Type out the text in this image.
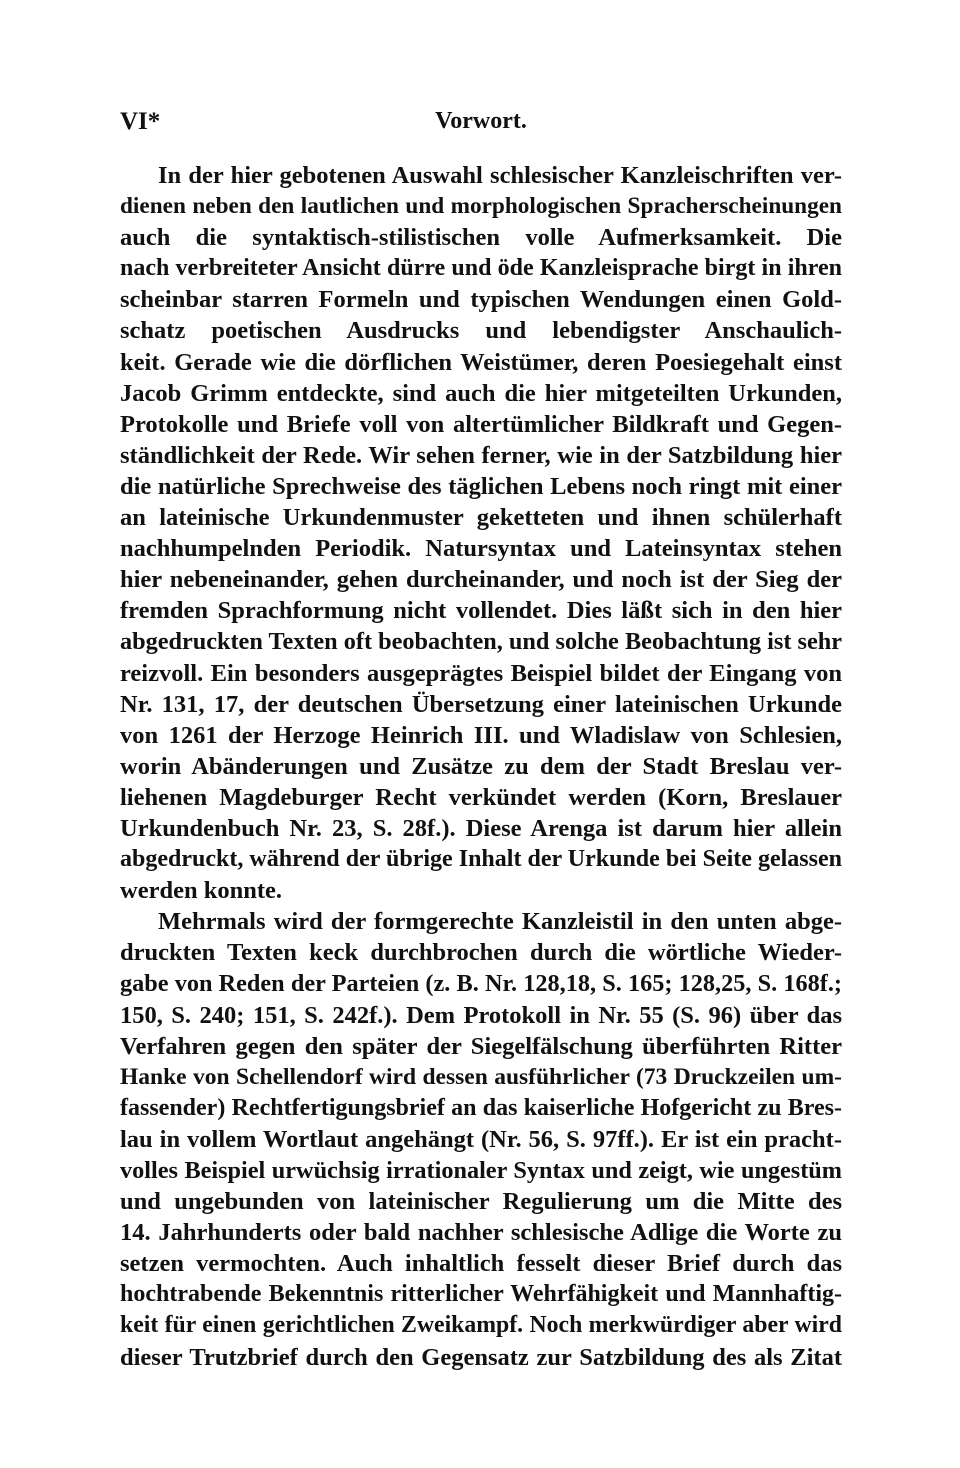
VI*	Vorwort.
In der hier gebotenen Auswahl schlesischer Kanzleischriften ver-
dienen neben den lautlichen und morphologischen Spracherscheinungen
auch die syntaktisch-stilistischen volle Aufmerksamkeit. Die
nach verbreiteter Ansicht dürre und öde Kanzleisprache birgt in ihren
scheinbar starren Formeln und typischen Wendungen einen Gold-
schatz poetischen Ausdrucks und lebendigster Anschaulich-
keit. Gerade wie die dörflichen Weistümer, deren Poesiegehalt einst
Jacob Grimm entdeckte, sind auch die hier mitgeteilten Urkunden,
Protokolle und Briefe voll von altertümlicher Bildkraft und Gegen-
ständlichkeit der Rede. Wir sehen ferner, wie in der Satzbildung hier
die natürliche Sprechweise des täglichen Lebens noch ringt mit einer
an lateinische Urkundenmuster geketteten und ihnen schülerhaft
nachhumpelnden Periodik. Natursyntax und Lateinsyntax stehen
hier nebeneinander, gehen durcheinander, und noch ist der Sieg der
fremden Sprachformung nicht vollendet. Dies läßt sich in den hier
abgedruckten Texten oft beobachten, und solche Beobachtung ist sehr
reizvoll. Ein besonders ausgeprägtes Beispiel bildet der Eingang von
Nr. 131, 17, der deutschen Übersetzung einer lateinischen Urkunde
von 1261 der Herzoge Heinrich III. und Wladislaw von Schlesien,
worin Abänderungen und Zusätze zu dem der Stadt Breslau ver-
liehenen Magdeburger Recht verkündet werden (Korn, Breslauer
Urkundenbuch Nr. 23, S. 28f.). Diese Arenga ist darum hier allein
abgedruckt, während der übrige Inhalt der Urkunde bei Seite gelassen
werden konnte.
Mehrmals wird der formgerechte Kanzleistil in den unten abge-
druckten Texten keck durchbrochen durch die wörtliche Wieder-
gabe von Reden der Parteien (z. B. Nr. 128,18, S. 165; 128,25, S. 168f.;
150, S. 240; 151, S. 242f.). Dem Protokoll in Nr. 55 (S. 96) über das
Verfahren gegen den später der Siegelfälschung überführten Ritter
Hanke von Schellendorf wird dessen ausführlicher (73 Druckzeilen um-
fassender) Rechtfertigungsbrief an das kaiserliche Hofgericht zu Bres-
lau in vollem Wortlaut angehängt (Nr. 56, S. 97ff.). Er ist ein pracht-
volles Beispiel urwüchsig irrationaler Syntax und zeigt, wie ungestüm
und ungebunden von lateinischer Regulierung um die Mitte des
14. Jahrhunderts oder bald nachher schlesische Adlige die Worte zu
setzen vermochten. Auch inhaltlich fesselt dieser Brief durch das
hochtrabende Bekenntnis ritterlicher Wehrfähigkeit und Mannhaftig-
keit für einen gerichtlichen Zweikampf. Noch merkwürdiger aber wird
dieser Trutzbrief durch den Gegensatz zur Satzbildung des als Zitat
